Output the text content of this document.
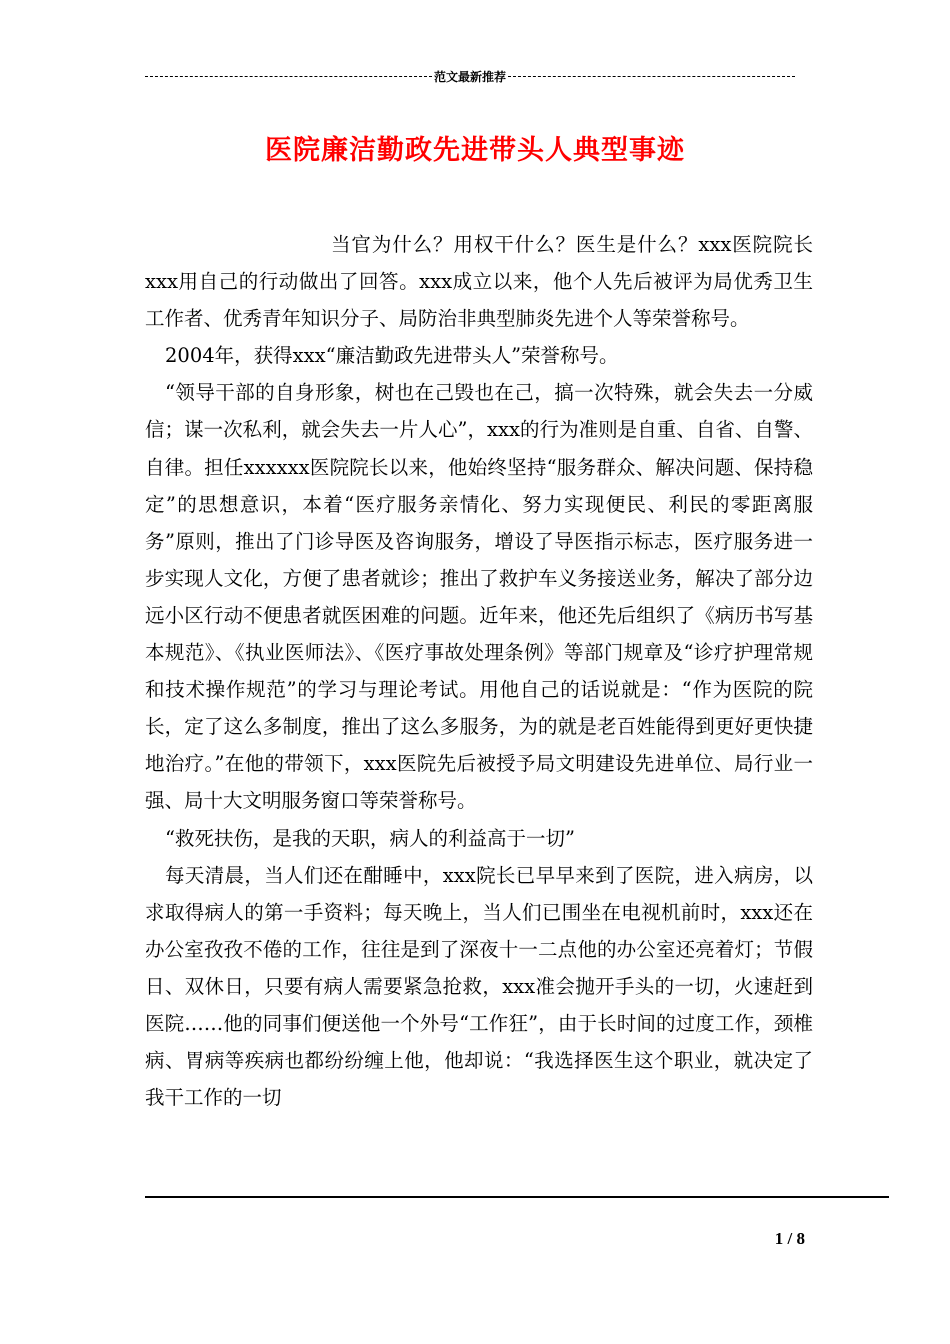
范文最新推荐
医院廉洁勤政先进带头人典型事迹

当官为什么？用权干什么？医生是什么？xxx医院院长xxx用自己的行动做出了回答。xxx成立以来，他个人先后被评为局优秀卫生工作者、优秀青年知识分子、局防治非典型肺炎先进个人等荣誉称号。

2004年，获得xxx“廉洁勤政先进带头人”荣誉称号。

“领导干部的自身形象，树也在己毁也在己，搞一次特殊，就会失去一分威信；谋一次私利，就会失去一片人心”，xxx的行为准则是自重、自省、自警、自律。担任xxxxxx医院院长以来，他始终坚持“服务群众、解决问题、保持稳定”的思想意识，本着“医疗服务亲情化、努力实现便民、利民的零距离服务”原则，推出了门诊导医及咨询服务，增设了导医指示标志，医疗服务进一步实现人文化，方便了患者就诊；推出了救护车义务接送业务，解决了部分边远小区行动不便患者就医困难的问题。近年来，他还先后组织了《病历书写基本规范》、《执业医师法》、《医疗事故处理条例》等部门规章及“诊疗护理常规和技术操作规范”的学习与理论考试。用他自己的话说就是：“作为医院的院长，定了这么多制度，推出了这么多服务，为的就是老百姓能得到更好更快捷地治疗。”在他的带领下，xxx医院先后被授予局文明建设先进单位、局行业一强、局十大文明服务窗口等荣誉称号。

“救死扶伤，是我的天职，病人的利益高于一切”

每天清晨，当人们还在酣睡中，xxx院长已早早来到了医院，进入病房，以求取得病人的第一手资料；每天晚上，当人们已围坐在电视机前时，xxx还在办公室孜孜不倦的工作，往往是到了深夜十一二点他的办公室还亮着灯；节假日、双休日，只要有病人需要紧急抢救，xxx准会抛开手头的一切，火速赶到医院……他的同事们便送他一个外号“工作狂”，由于长时间的过度工作，颈椎病、胃病等疾病也都纷纷缠上他，他却说：“我选择医生这个职业，就决定了我干工作的一切

1 / 8
